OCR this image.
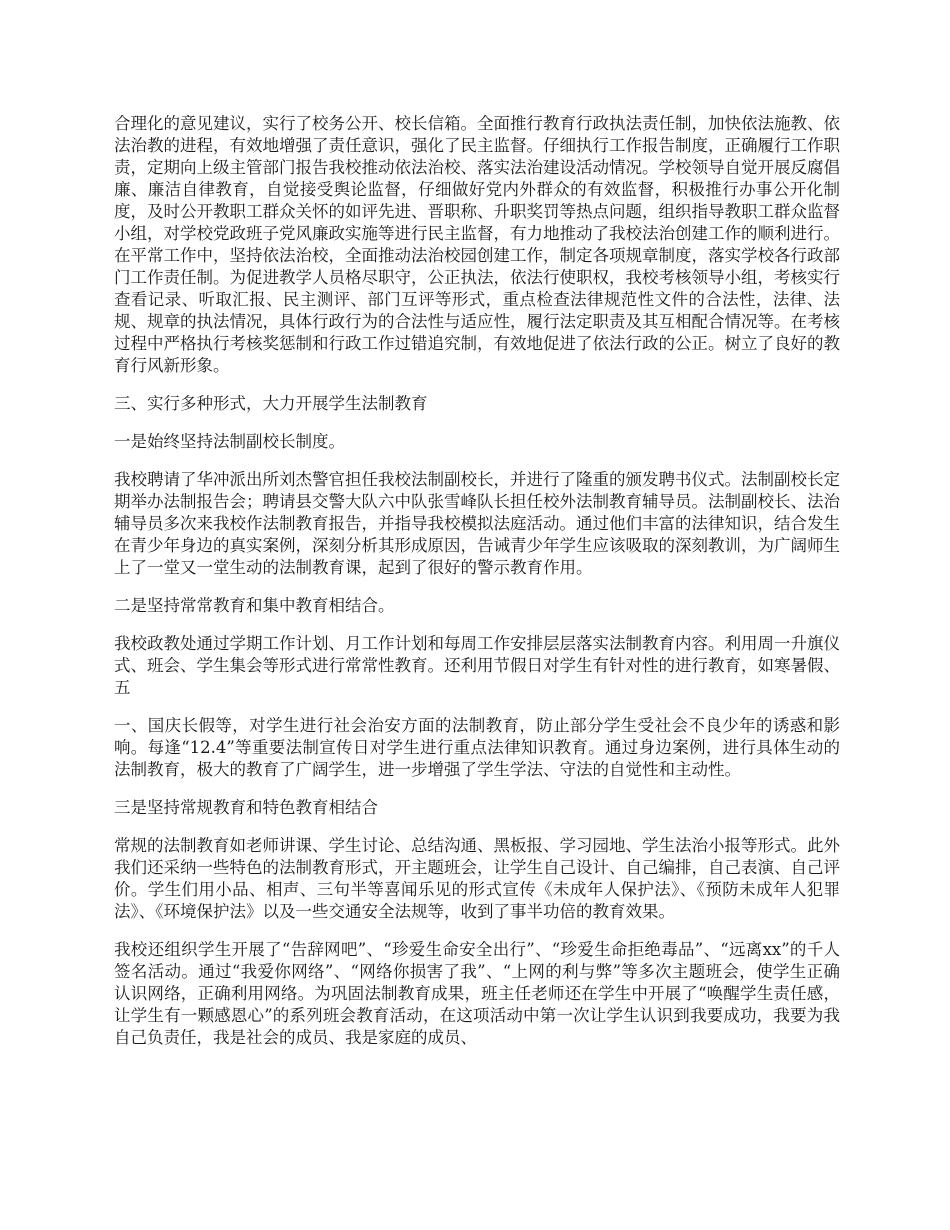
合理化的意见建议，实行了校务公开、校长信箱。全面推行教育行政执法责任制，加快依法施教、依法治教的进程，有效地增强了责任意识，强化了民主监督。仔细执行工作报告制度，正确履行工作职责，定期向上级主管部门报告我校推动依法治校、落实法治建设活动情况。学校领导自觉开展反腐倡廉、廉洁自律教育，自觉接受舆论监督，仔细做好党内外群众的有效监督，积极推行办事公开化制度，及时公开教职工群众关怀的如评先进、晋职称、升职奖罚等热点问题，组织指导教职工群众监督小组，对学校党政班子党风廉政实施等进行民主监督，有力地推动了我校法治创建工作的顺利进行。在平常工作中，坚持依法治校，全面推动法治校园创建工作，制定各项规章制度，落实学校各行政部门工作责任制。为促进教学人员格尽职守，公正执法，依法行使职权，我校考核领导小组，考核实行查看记录、听取汇报、民主测评、部门互评等形式，重点检查法律规范性文件的合法性，法律、法规、规章的执法情况，具体行政行为的合法性与适应性，履行法定职责及其互相配合情况等。在考核过程中严格执行考核奖惩制和行政工作过错追究制，有效地促进了依法行政的公正。树立了良好的教育行风新形象。

三、实行多种形式，大力开展学生法制教育

一是始终坚持法制副校长制度。

我校聘请了华冲派出所刘杰警官担任我校法制副校长，并进行了隆重的颁发聘书仪式。法制副校长定期举办法制报告会；聘请县交警大队六中队张雪峰队长担任校外法制教育辅导员。法制副校长、法治辅导员多次来我校作法制教育报告，并指导我校模拟法庭活动。通过他们丰富的法律知识，结合发生在青少年身边的真实案例，深刻分析其形成原因，告诫青少年学生应该吸取的深刻教训，为广阔师生上了一堂又一堂生动的法制教育课，起到了很好的警示教育作用。

二是坚持常常教育和集中教育相结合。

我校政教处通过学期工作计划、月工作计划和每周工作安排层层落实法制教育内容。利用周一升旗仪式、班会、学生集会等形式进行常常性教育。还利用节假日对学生有针对性的进行教育，如寒暑假、五

一、国庆长假等，对学生进行社会治安方面的法制教育，防止部分学生受社会不良少年的诱惑和影响。每逢“12.4”等重要法制宣传日对学生进行重点法律知识教育。通过身边案例，进行具体生动的法制教育，极大的教育了广阔学生，进一步增强了学生学法、守法的自觉性和主动性。

三是坚持常规教育和特色教育相结合

常规的法制教育如老师讲课、学生讨论、总结沟通、黑板报、学习园地、学生法治小报等形式。此外我们还采纳一些特色的法制教育形式，开主题班会，让学生自己设计、自己编排，自己表演、自己评价。学生们用小品、相声、三句半等喜闻乐见的形式宣传《未成年人保护法》、《预防未成年人犯罪法》、《环境保护法》以及一些交通安全法规等，收到了事半功倍的教育效果。

我校还组织学生开展了“告辞网吧”、“珍爱生命安全出行”、“珍爱生命拒绝毒品”、“远离xx”的千人签名活动。通过“我爱你网络”、“网络你损害了我”、“上网的利与弊”等多次主题班会，使学生正确认识网络，正确利用网络。为巩固法制教育成果，班主任老师还在学生中开展了“唤醒学生责任感，让学生有一颗感恩心”的系列班会教育活动，在这项活动中第一次让学生认识到我要成功，我要为我自己负责任，我是社会的成员、我是家庭的成员、
